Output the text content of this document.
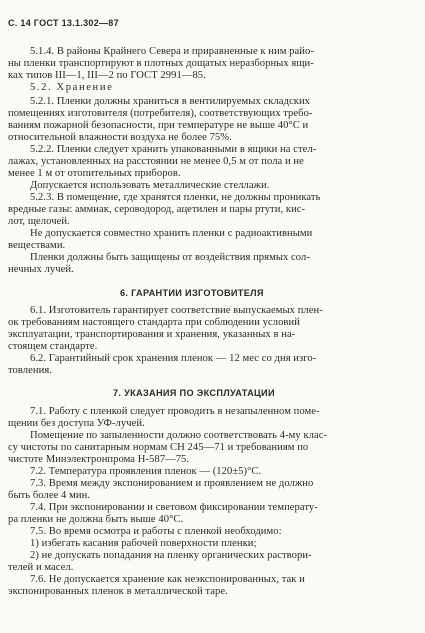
С. 14 ГОСТ 13.1.302—87
5.1.4. В районы Крайнего Севера и приравненные к ним райо-
ны пленки транспортируют в плотных дощатых неразборных ящи-
ках типов III—1, III—2 по ГОСТ 2991—85.
5.2. Хранение
5.2.1. Пленки должны храниться в вентилируемых складских
помещениях изготовителя (потребителя), соответствующих требо-
ваниям пожарной безопасности, при температуре не выше 40°С и
относительной влажности воздуха не более 75%.
5.2.2. Пленки следует хранить упакованными в ящики на стел-
лажах, установленных на расстоянии не менее 0,5 м от пола и не
менее 1 м от отопительных приборов.
Допускается использовать металлические стеллажи.
5.2.3. В помещение, где хранятся пленки, не должны проникать
вредные газы: аммиак, сероводород, ацетилен и пары ртути, кис-
лот, щелочей.
Не допускается совместно хранить пленки с радиоактивными
веществами.
Пленки должны быть защищены от воздействия прямых сол-
нечных лучей.
6. ГАРАНТИИ ИЗГОТОВИТЕЛЯ
6.1. Изготовитель гарантирует соответствие выпускаемых плен-
ок требованиям настоящего стандарта при соблюдении условий
эксплуатации, транспортирования и хранения, указанных в на-
стоящем стандарте.
6.2. Гарантийный срок хранения пленок — 12 мес со дня изго-
товления.
7. УКАЗАНИЯ ПО ЭКСПЛУАТАЦИИ
7.1. Работу с пленкой следует проводить в незапыленном поме-
щении без доступа УФ-лучей.
Помещение по запыленности должно соответствовать 4-му клас-
су чистоты по санитарным нормам СН 245—71 и требованиям по
чистоте Минэлектронпрома Н-587—75.
7.2. Температура проявления пленок — (120±5)°С.
7.3. Время между экспонированием и проявлением не должно
быть более 4 мин.
7.4. При экспонировании и световом фиксировании температу-
ра пленки не должна быть выше 40°С.
7.5. Во время осмотра и работы с пленкой необходимо:
1) избегать касания рабочей поверхности пленки;
2) не допускать попадания на пленку органических раствори-
телей и масел.
7.6. Не допускается хранение как неэкспонированных, так и
экспонированных пленок в металлической таре.
